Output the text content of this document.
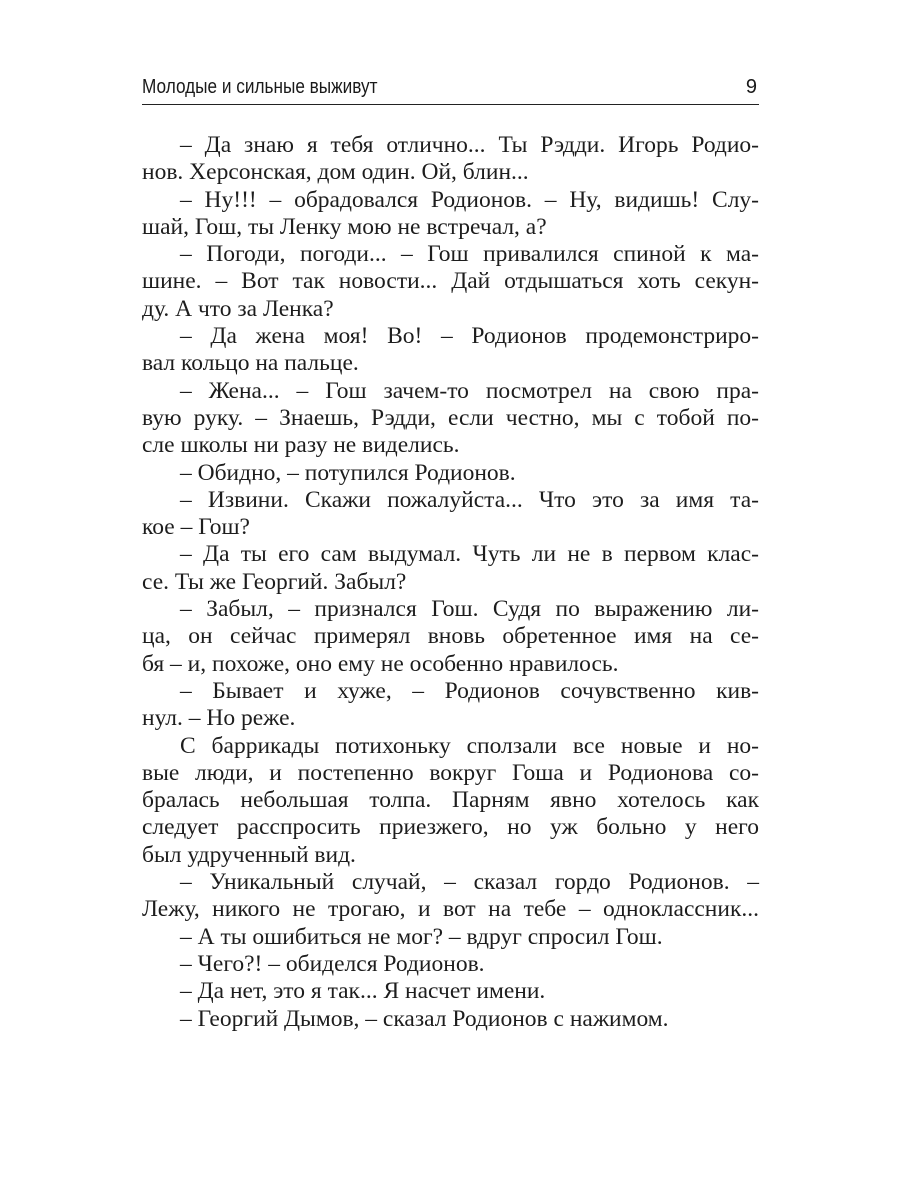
Молодые и сильные выживут	9
– Да знаю я тебя отлично... Ты Рэдди. Игорь Родио-
нов. Херсонская, дом один. Ой, блин...
– Ну!!! – обрадовался Родионов. – Ну, видишь! Слу-
шай, Гош, ты Ленку мою не встречал, а?
– Погоди, погоди... – Гош привалился спиной к ма-
шине. – Вот так новости... Дай отдышаться хоть секун-
ду. А что за Ленка?
– Да жена моя! Во! – Родионов продемонстриро-
вал кольцо на пальце.
– Жена... – Гош зачем-то посмотрел на свою пра-
вую руку. – Знаешь, Рэдди, если честно, мы с тобой по-
сле школы ни разу не виделись.
– Обидно, – потупился Родионов.
– Извини. Скажи пожалуйста... Что это за имя та-
кое – Гош?
– Да ты его сам выдумал. Чуть ли не в первом клас-
се. Ты же Георгий. Забыл?
– Забыл, – признался Гош. Судя по выражению ли-
ца, он сейчас примерял вновь обретенное имя на се-
бя – и, похоже, оно ему не особенно нравилось.
– Бывает и хуже, – Родионов сочувственно кив-
нул. – Но реже.
С баррикады потихоньку сползали все новые и но-
вые люди, и постепенно вокруг Гоша и Родионова со-
бралась небольшая толпа. Парням явно хотелось как
следует расспросить приезжего, но уж больно у него
был удрученный вид.
– Уникальный случай, – сказал гордо Родионов. –
Лежу, никого не трогаю, и вот на тебе – одноклассник...
– А ты ошибиться не мог? – вдруг спросил Гош.
– Чего?! – обиделся Родионов.
– Да нет, это я так... Я насчет имени.
– Георгий Дымов, – сказал Родионов с нажимом.
